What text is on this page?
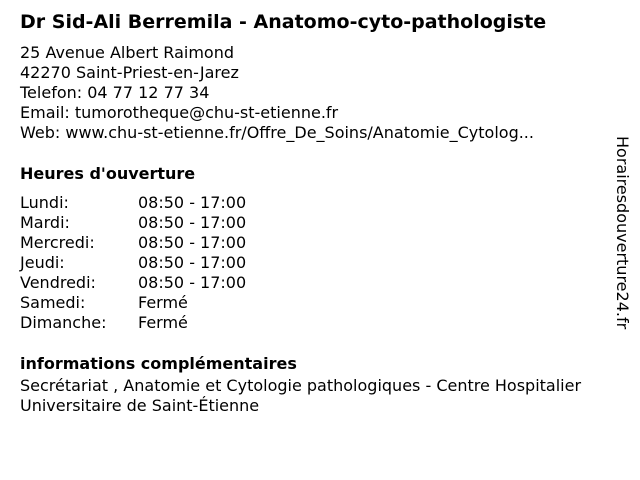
Dr Sid-Ali Berremila - Anatomo-cyto-pathologiste
25 Avenue Albert Raimond
42270 Saint-Priest-en-Jarez
Telefon: 04 77 12 77 34
Email: tumorotheque@chu-st-etienne.fr
Web: www.chu-st-etienne.fr/Offre_De_Soins/Anatomie_Cytolog...
Heures d'ouverture
Lundi:	08:50 - 17:00
Mardi:	08:50 - 17:00
Mercredi:	08:50 - 17:00
Jeudi:	08:50 - 17:00
Vendredi:	08:50 - 17:00
Samedi:	Fermé
Dimanche:	Fermé
informations complémentaires
Secrétariat , Anatomie et Cytologie pathologiques - Centre Hospitalier Universitaire de Saint-Étienne
Horairesdouverture24.fr
